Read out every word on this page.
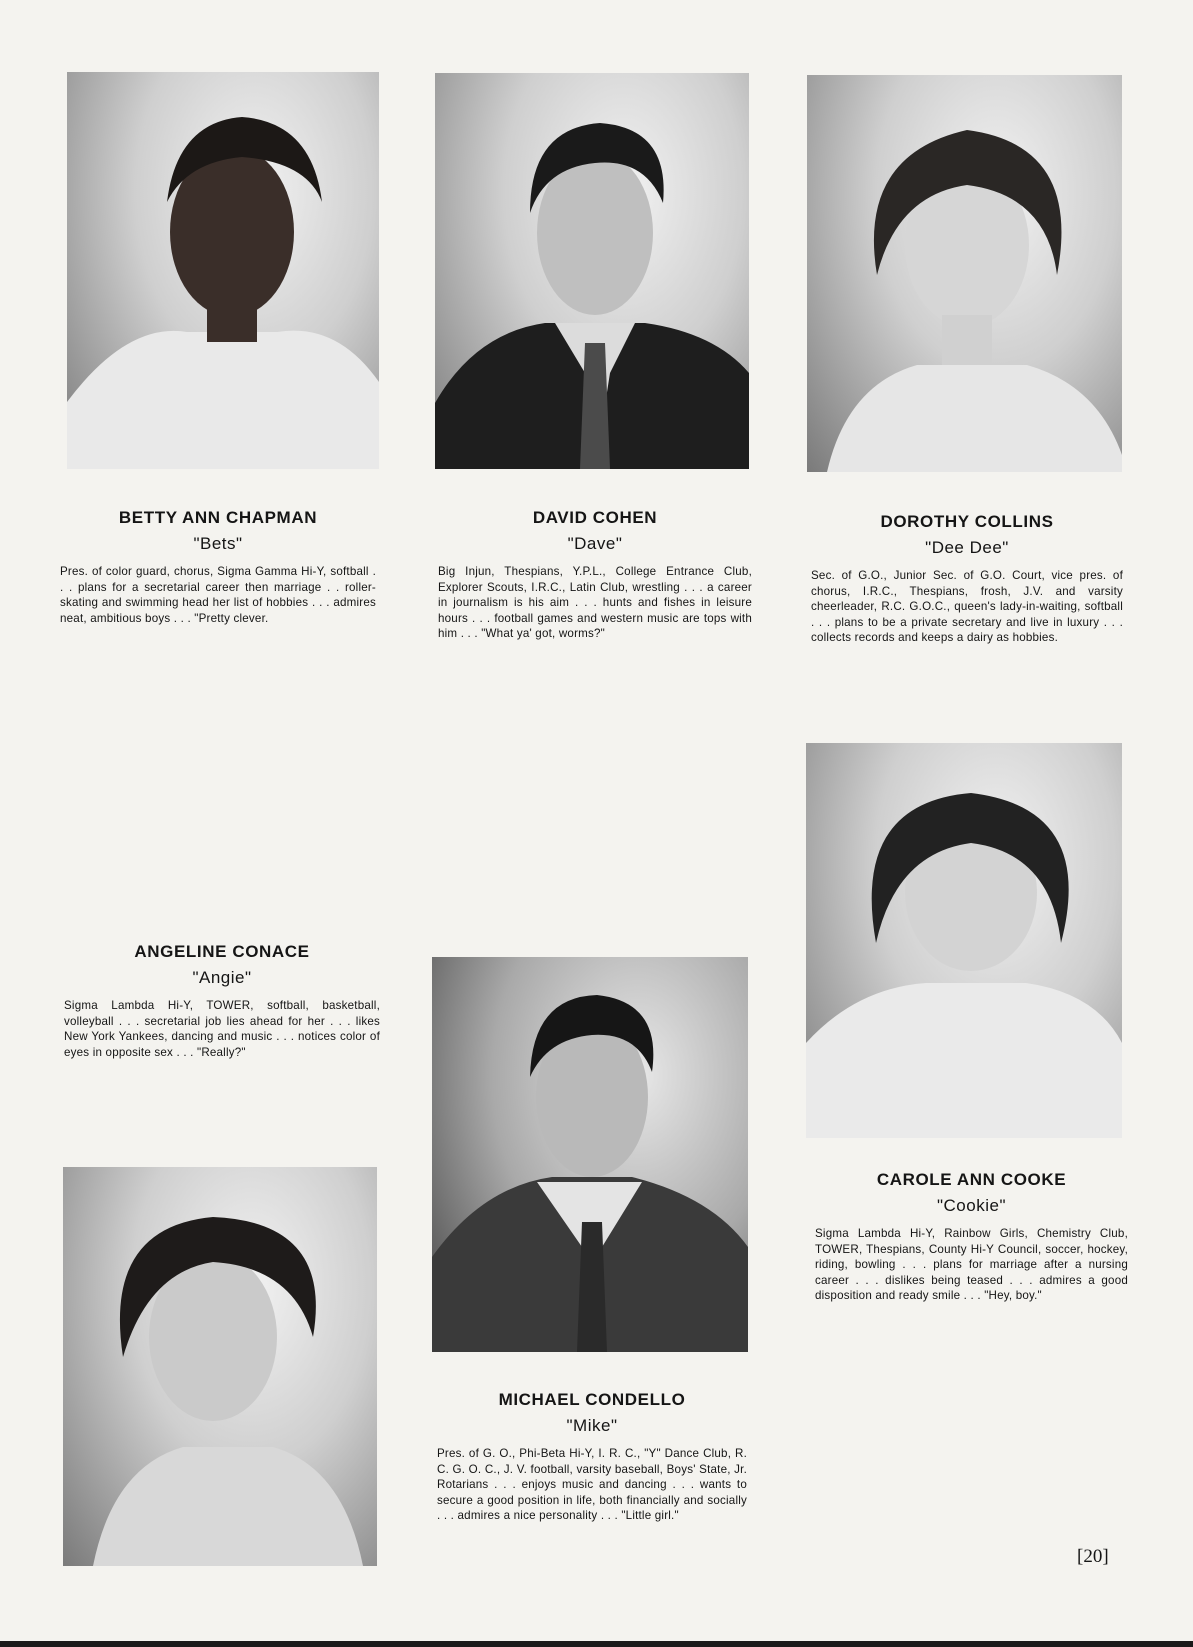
BETTY ANN CHAPMAN

"Bets"

Pres. of color guard, chorus, Sigma Gamma Hi-Y, softball . . . plans for a secretarial career then marriage . . roller-skating and swimming head her list of hobbies . . . admires neat, ambitious boys . . . "Pretty clever.

DAVID COHEN

"Dave"

Big Injun, Thespians, Y.P.L., College Entrance Club, Explorer Scouts, I.R.C., Latin Club, wrestling . . . a career in journalism is his aim . . . hunts and fishes in leisure hours . . . football games and western music are tops with him . . . "What ya' got, worms?"

DOROTHY COLLINS

"Dee Dee"

Sec. of G.O., Junior Sec. of G.O. Court, vice pres. of chorus, I.R.C., Thespians, frosh, J.V. and varsity cheerleader, R.C. G.O.C., queen's lady-in-waiting, softball . . . plans to be a private secretary and live in luxury . . . collects records and keeps a dairy as hobbies.

ANGELINE CONACE

"Angie"

Sigma Lambda Hi-Y, TOWER, softball, basketball, volleyball . . . secretarial job lies ahead for her . . . likes New York Yankees, dancing and music . . . notices color of eyes in opposite sex . . . "Really?"

MICHAEL CONDELLO

"Mike"

Pres. of G. O., Phi-Beta Hi-Y, I. R. C., "Y" Dance Club, R. C. G. O. C., J. V. football, varsity baseball, Boys' State, Jr. Rotarians . . . enjoys music and dancing . . . wants to secure a good position in life, both financially and socially . . . admires a nice personality . . . "Little girl."

CAROLE ANN COOKE

"Cookie"

Sigma Lambda Hi-Y, Rainbow Girls, Chemistry Club, TOWER, Thespians, County Hi-Y Council, soccer, hockey, riding, bowling . . . plans for marriage after a nursing career . . . dislikes being teased . . . admires a good disposition and ready smile . . . "Hey, boy."

[20]
